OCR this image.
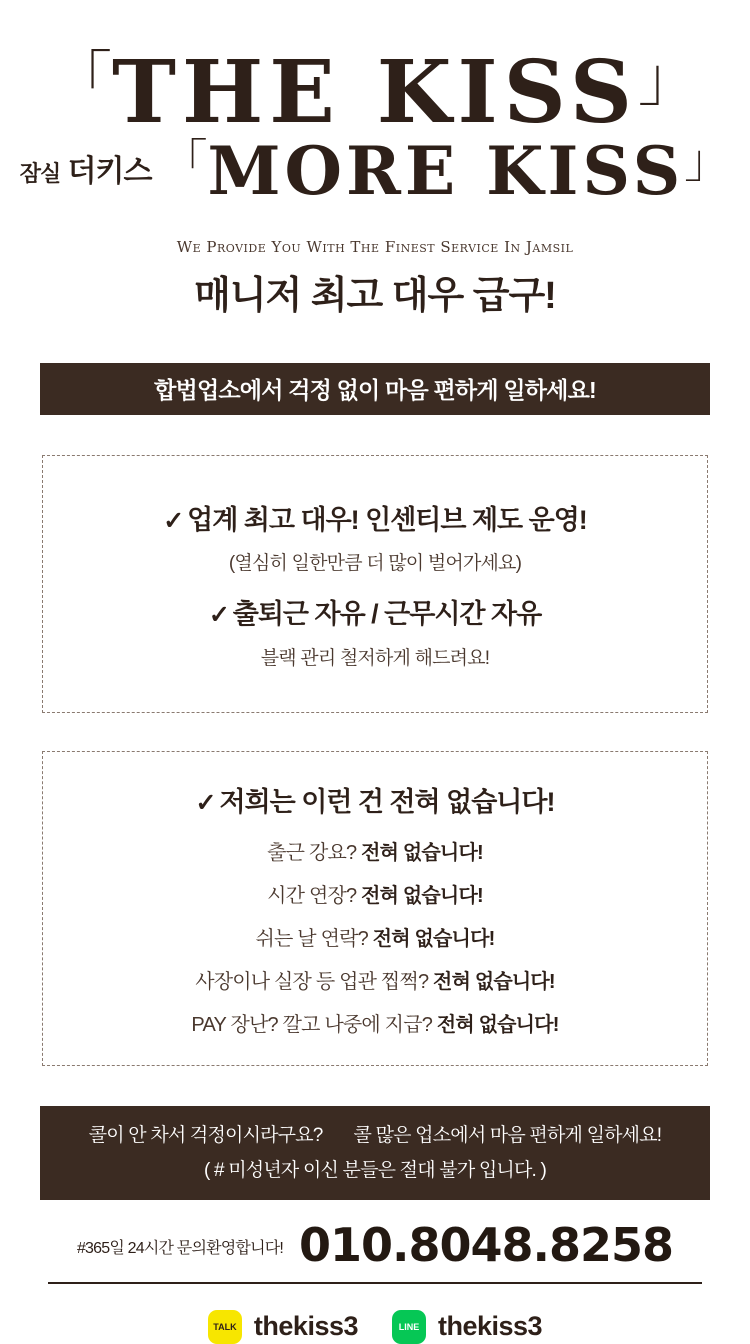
「THE KISS」
잠실 더키스 「MORE KISS」
We Provide You With The Finest Service In Jamsil
매니저 최고 대우 급구!
합법업소에서 걱정 없이 마음 편하게 일하세요!
✓ 업계 최고 대우! 인센티브 제도 운영!
(열심히 일한만큼 더 많이 벌어가세요)
✓ 출퇴근 자유 / 근무시간 자유
블랙 관리 철저하게 해드려요!
✓ 저희는 이런 건 전혀 없습니다!
출근 강요? 전혀 없습니다!
시간 연장? 전혀 없습니다!
쉬는 날 연락? 전혀 없습니다!
사장이나 실장 등 업관 찝쩍? 전혀 없습니다!
PAY 장난? 깔고 나중에 지급? 전혀 없습니다!
콜이 안 차서 걱정이시라구요? 콜 많은 업소에서 마음 편하게 일하세요!
( # 미성년자 이신 분들은 절대 불가 입니다. )
#365일 24시간 문의환영합니다! 010.8048.8258
TALK thekiss3	LINE thekiss3
